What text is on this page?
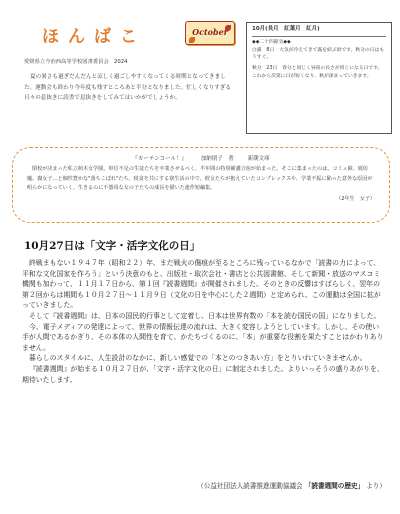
ほんばこ	October
愛媛県立今治西高等学校図書委員会　2024
夏の暑さも過ぎだんだんと涼しく過ごしやすくなってくる時期となってきました。運動会も終わり今年度も残すところあと半分となりました。忙しくなりすぎる日々の息抜きに読書で息抜きをしてみてはいかがでしょうか。
10月(長月　紅葉月　紅月)
◆◆二十四節気◆◆
白露　8日　大気が冷えてきて露を結ぶ頃です。秋分の日はもうすぐ。
秋分　23日　春分と同じく昼夜の長さが同じになる日です。これから次第に日が短くなり、秋が深まっていきます。
『カーテンコール！』	加納朋子　著	新潮文庫
閉校が決まった私立萌木女学園。単位不足の生徒たちを卒業させるべく、半年間の特別補講合宿が始まった。そこに集まったのは、コミュ障、寝坊魔、腐女子…と個性豊かな"落ちこぼれ"たち。寝食を共にする寮生活の中で、彼女たちが抱えていたコンプレックスや、学業不振に陥った意外な原因が明らかになっていく。生きるのに不器用な女の子たちの成長を描いた連作短編集。
（2年生　女子）
10月27日は「文字・活字文化の日」

終戦まもない１９４７年（昭和２２）年、まだ戦火の傷痕が至るところに残っているなかで「読書の力によって、平和な文化国家を作ろう」という決意のもと、出版社・取次会社・書店と公共図書館、そして新聞・放送のマスコミ機関も加わって、１１月１７日から、第１回『読書週間』が開催されました。そのときの反響はすばらしく、翌年の第２回からは期間も１０月２７日～１１月９日（文化の日を中心にした２週間）と定められ、この運動は全国に拡がっていきました。

そして『読書週間』は、日本の国民的行事として定着し、日本は世界有数の「本を読む国民の国」になりました。

今、電子メディアの発達によって、世界の情報伝達の流れは、大きく変容しようとしています。しかし、その使い手が人間であるかぎり、その本体の人間性を育て、かたちづくるのに、「本」が重要な役割を果たすことはかわりありません。

暮らしのスタイルに、人生設計のなかに、新しい感覚での「本とのつきあい方」をとりいれていきませんか。

『読書週間』が始まる１０月２７日が、「文字・活字文化の日」に制定されました。よりいっそうの盛りあがりを、期待いたします。

（公益社団法人読書推進運動協議会 「読書週間の歴史」 より）
